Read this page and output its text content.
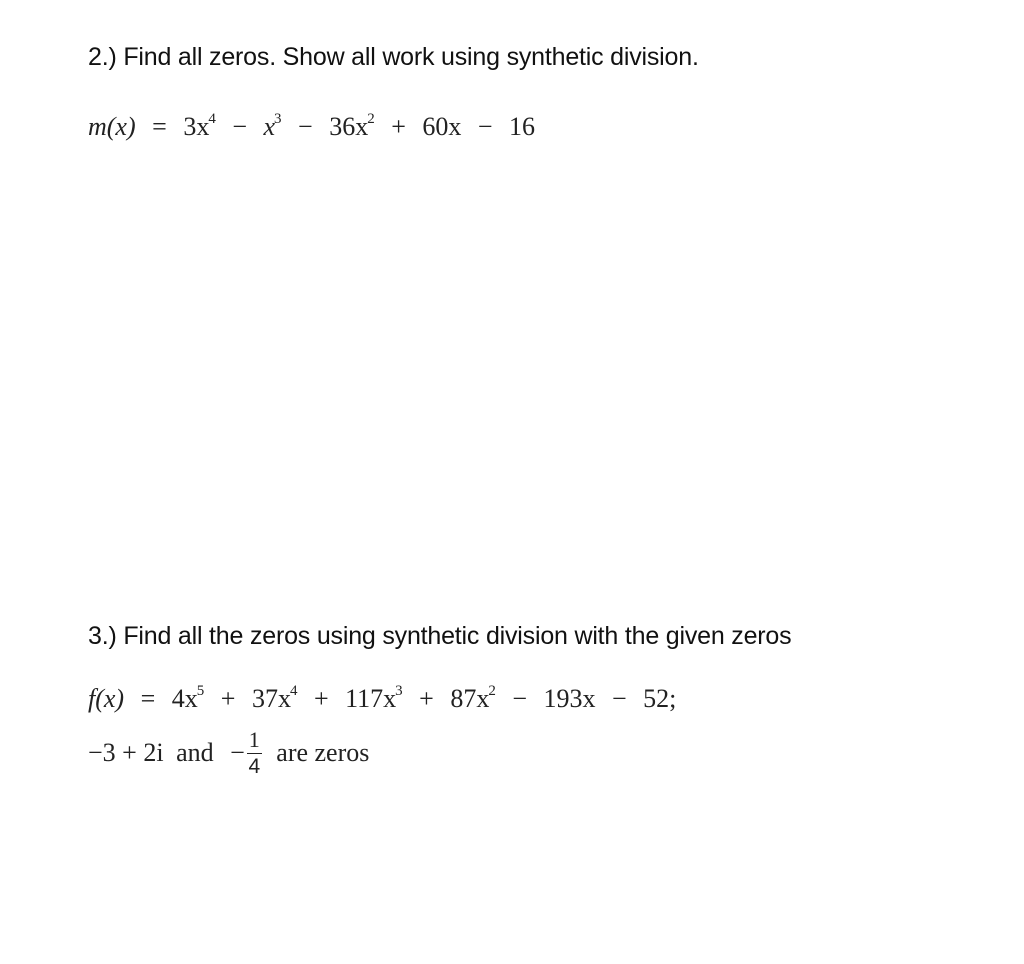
2.) Find all zeros. Show all work using synthetic division.
$m(x) = 3x^4 - x^3 - 36x^2 + 60x - 16$
3.) Find all the zeros using synthetic division with the given zeros
$f(x) = 4x^5 + 37x^4 + 117x^3 + 87x^2 - 193x - 52$;
−3 + 2i and − $\frac{1}{4}$ are zeros
